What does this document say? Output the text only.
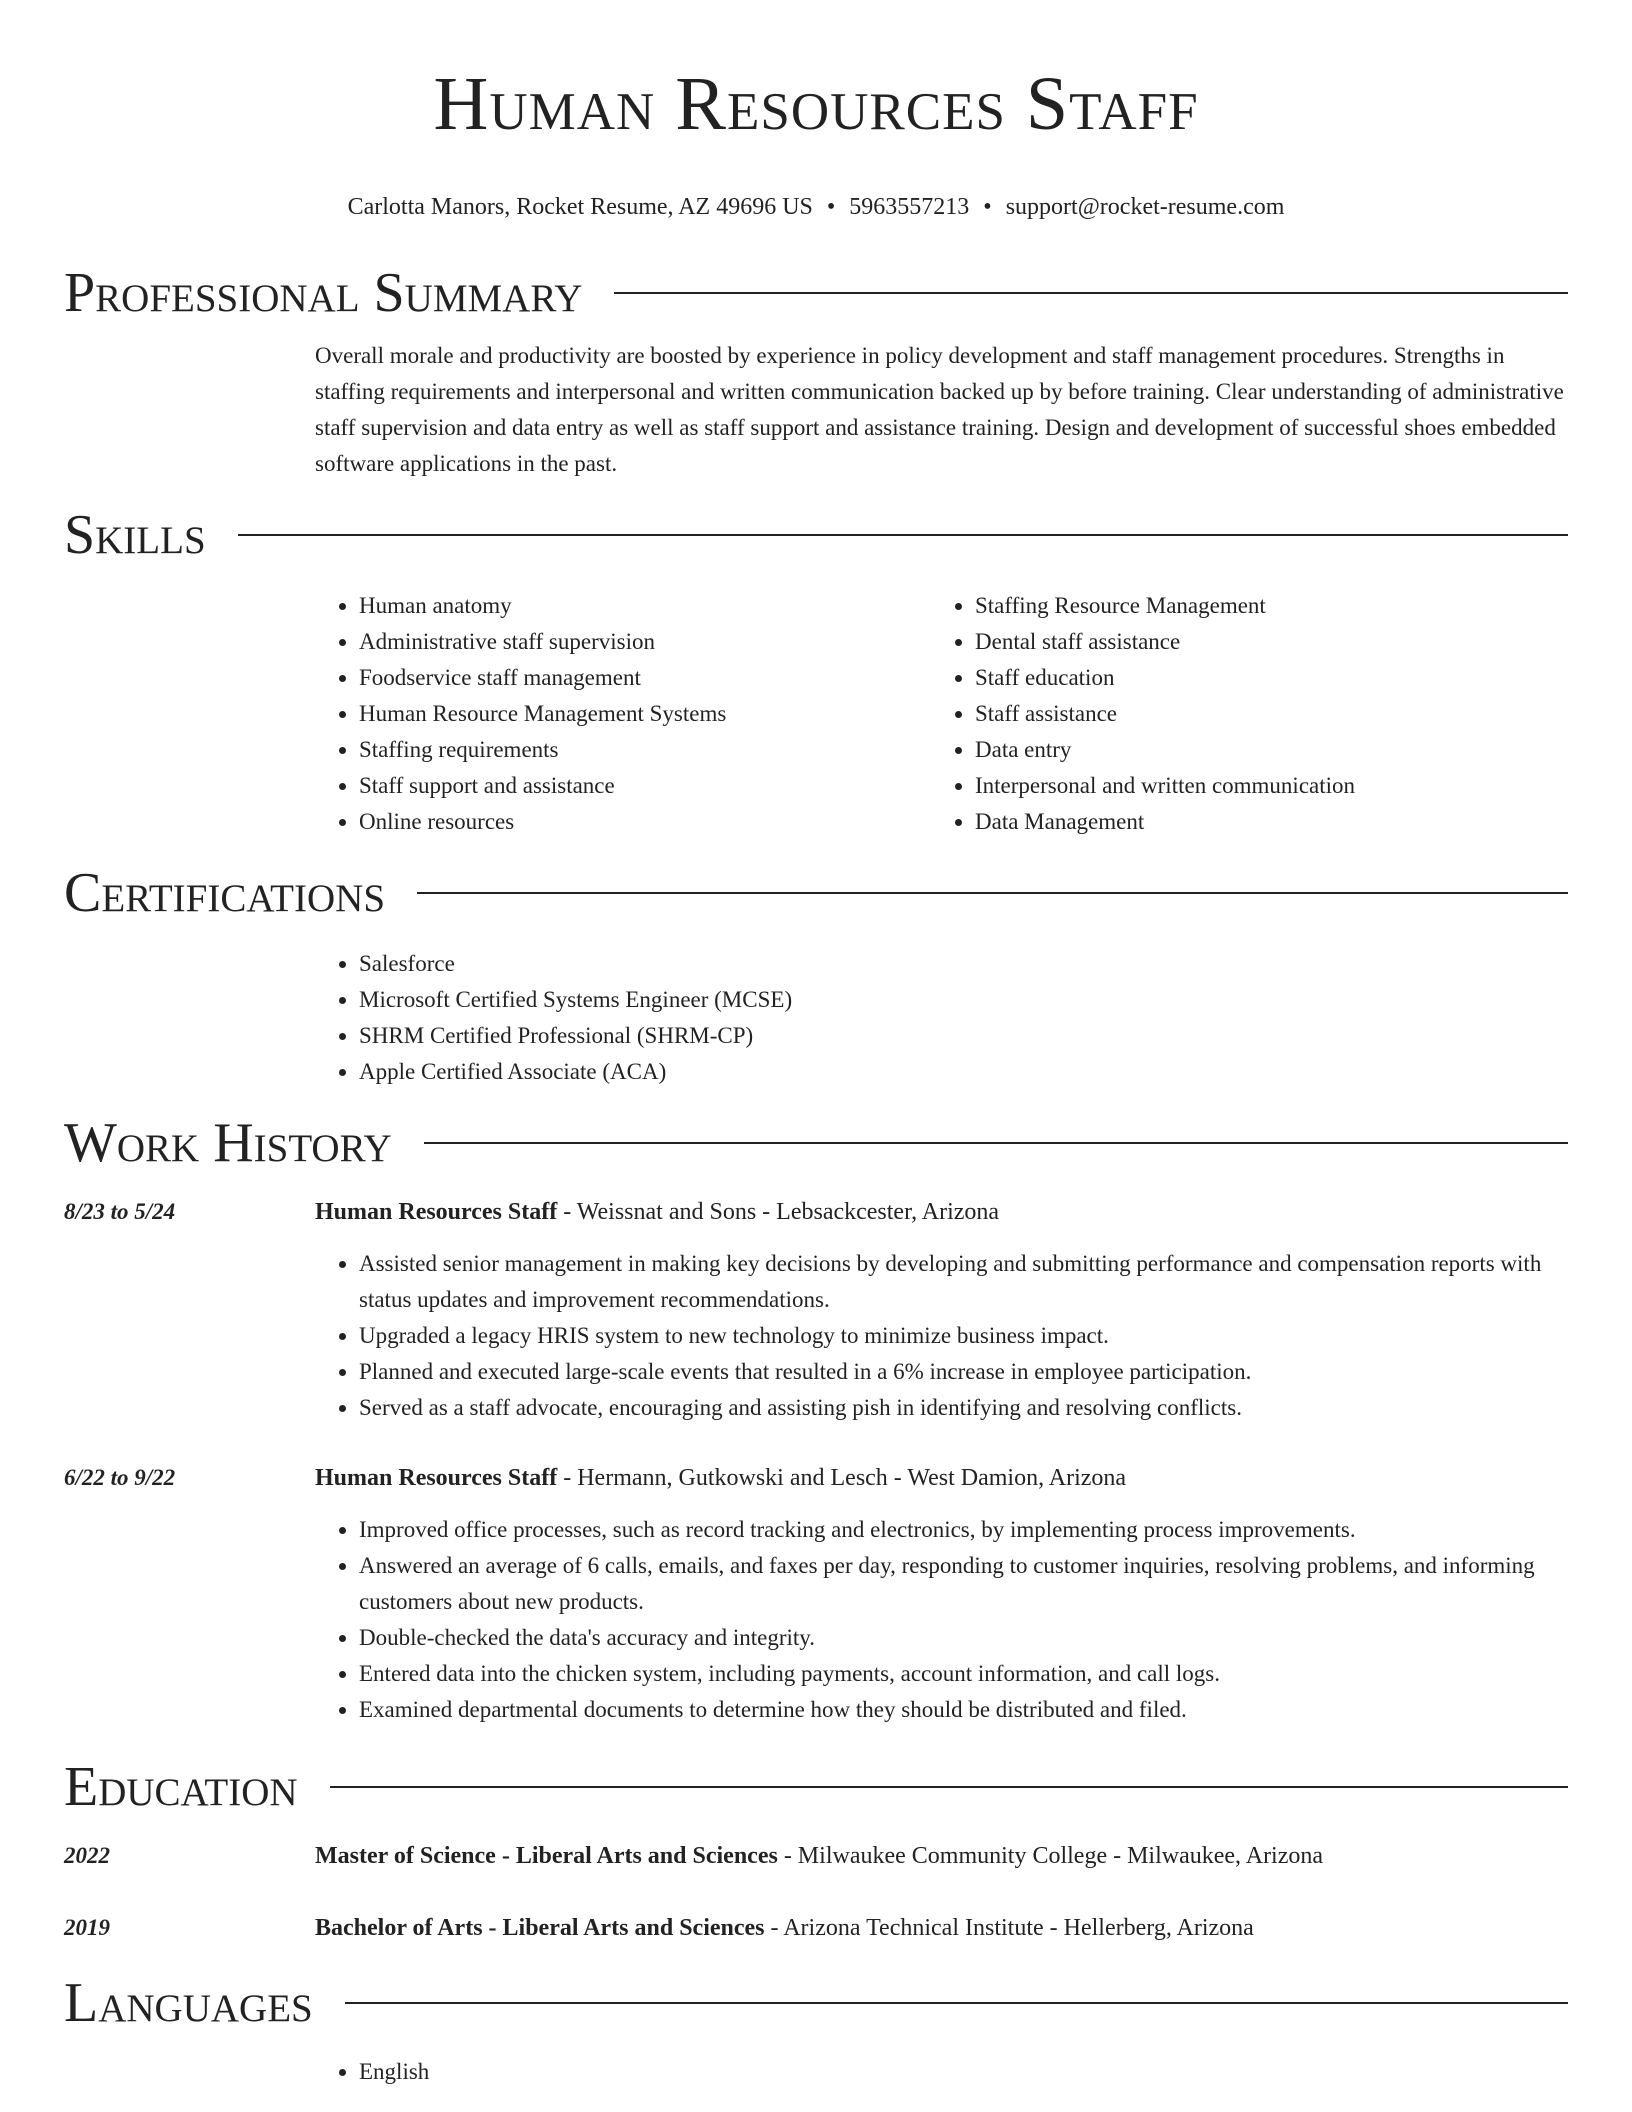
Human Resources Staff
Carlotta Manors, Rocket Resume, AZ 49696 US • 5963557213 • support@rocket-resume.com
Professional Summary

Overall morale and productivity are boosted by experience in policy development and staff management procedures. Strengths in staffing requirements and interpersonal and written communication backed up by before training. Clear understanding of administrative staff supervision and data entry as well as staff support and assistance training. Design and development of successful shoes embedded software applications in the past.

Skills
• Human anatomy
• Administrative staff supervision
• Foodservice staff management
• Human Resource Management Systems
• Staffing requirements
• Staff support and assistance
• Online resources
• Staffing Resource Management
• Dental staff assistance
• Staff education
• Staff assistance
• Data entry
• Interpersonal and written communication
• Data Management
Certifications
• Salesforce
• Microsoft Certified Systems Engineer (MCSE)
• SHRM Certified Professional (SHRM-CP)
• Apple Certified Associate (ACA)
Work History
8/23 to 5/24	Human Resources Staff - Weissnat and Sons - Lebsackcester, Arizona
• Assisted senior management in making key decisions by developing and submitting performance and compensation reports with status updates and improvement recommendations.
• Upgraded a legacy HRIS system to new technology to minimize business impact.
• Planned and executed large-scale events that resulted in a 6% increase in employee participation.
• Served as a staff advocate, encouraging and assisting pish in identifying and resolving conflicts.
6/22 to 9/22	Human Resources Staff - Hermann, Gutkowski and Lesch - West Damion, Arizona
• Improved office processes, such as record tracking and electronics, by implementing process improvements.
• Answered an average of 6 calls, emails, and faxes per day, responding to customer inquiries, resolving problems, and informing customers about new products.
• Double-checked the data's accuracy and integrity.
• Entered data into the chicken system, including payments, account information, and call logs.
• Examined departmental documents to determine how they should be distributed and filed.
Education
2022	Master of Science - Liberal Arts and Sciences - Milwaukee Community College - Milwaukee, Arizona
2019	Bachelor of Arts - Liberal Arts and Sciences - Arizona Technical Institute - Hellerberg, Arizona
Languages
• English
